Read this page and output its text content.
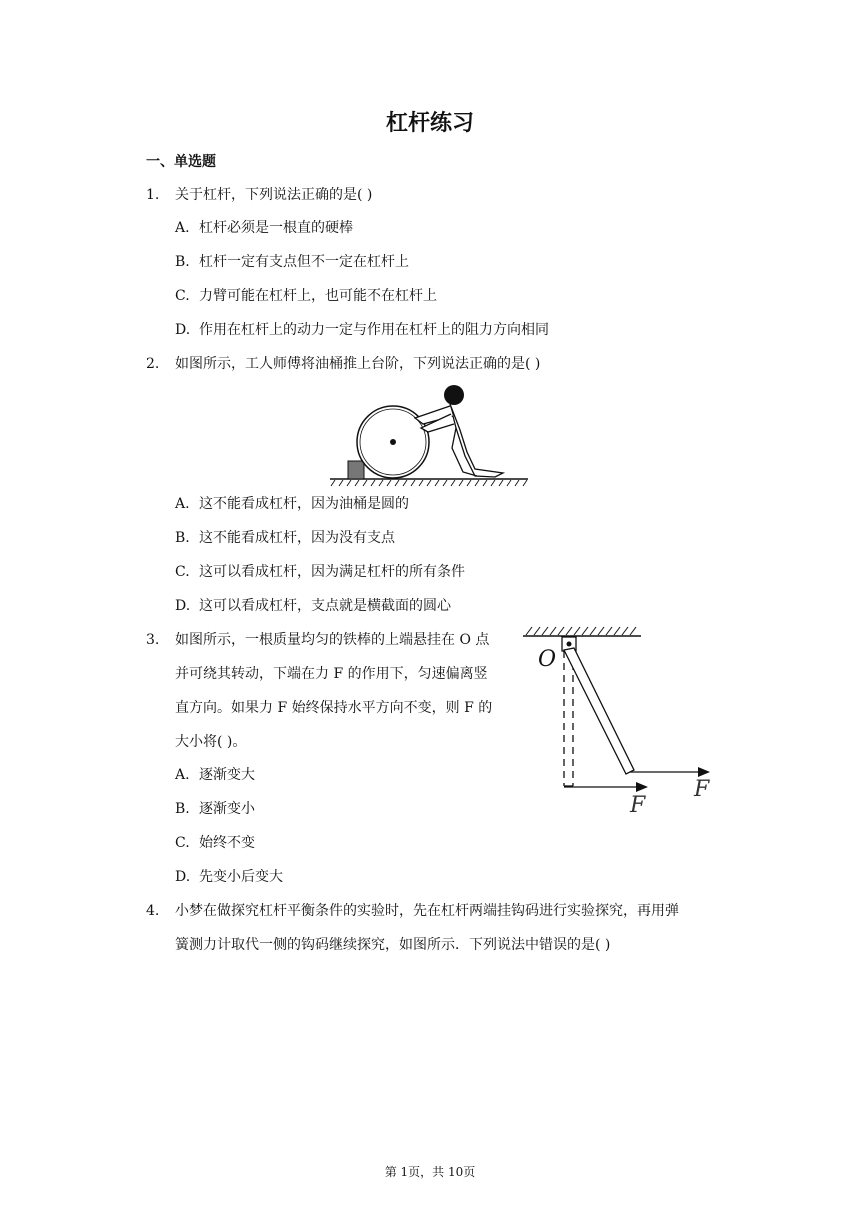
杠杆练习
一、单选题
1. 关于杠杆，下列说法正确的是( )
A. 杠杆必须是一根直的硬棒
B. 杠杆一定有支点但不一定在杠杆上
C. 力臂可能在杠杆上，也可能不在杠杆上
D. 作用在杠杆上的动力一定与作用在杠杆上的阻力方向相同
2. 如图所示，工人师傅将油桶推上台阶，下列说法正确的是( )
A. 这不能看成杠杆，因为油桶是圆的
B. 这不能看成杠杆，因为没有支点
C. 这可以看成杠杆，因为满足杠杆的所有条件
D. 这可以看成杠杆，支点就是横截面的圆心
3. 如图所示，一根质量均匀的铁棒的上端悬挂在 O 点
并可绕其转动，下端在力 F 的作用下，匀速偏离竖
直方向。如果力 F 始终保持水平方向不变，则 F 的
大小将( )。
O
F
F
A. 逐渐变大
B. 逐渐变小
C. 始终不变
D. 先变小后变大
4. 小梦在做探究杠杆平衡条件的实验时，先在杠杆两端挂钩码进行实验探究，再用弹
簧测力计取代一侧的钩码继续探究，如图所示．下列说法中错误的是( )
第 1页，共 10页
